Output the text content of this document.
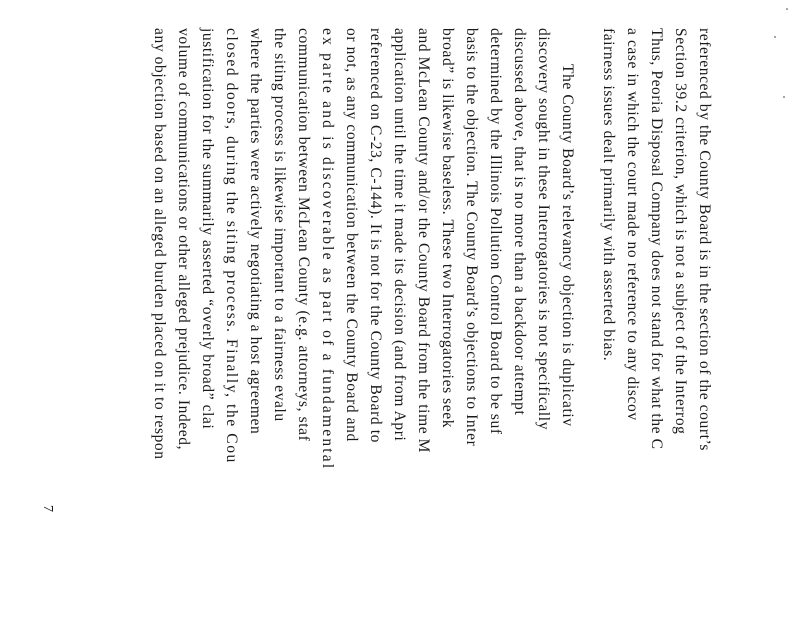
referenced by the County Board is in the section of the court’s
Section 39.2 criterion, which is not a subject of the Interrog
Thus, Peoria Disposal Company does not stand for what the C
a case in which the court made no reference to any discov
fairness issues dealt primarily with asserted bias.
The County Board’s relevancy objection is duplicativ
discovery sought in these Interrogatories is not specifically
discussed above, that is no more than a backdoor attempt
determined by the Illinois Pollution Control Board to be suf
basis to the objection. The County Board’s objections to Inter
broad” is likewise baseless. These two Interrogatories seek
and McLean County and/or the County Board from the time M
application until the time it made its decision (and from Apri
referenced on C-23, C-144). It is not for the County Board to
or not, as any communication between the County Board and
ex parte and is discoverable as part of a fundamental
communication between McLean County (e.g. attorneys, staf
the siting process is likewise important to a fairness evalu
where the parties were actively negotiating a host agreemen
closed doors, during the siting process. Finally, the Cou
justification for the summarily asserted “overly broad” clai
volume of communications or other alleged prejudice. Indeed,
any objection based on an alleged burden placed on it to respon
7
